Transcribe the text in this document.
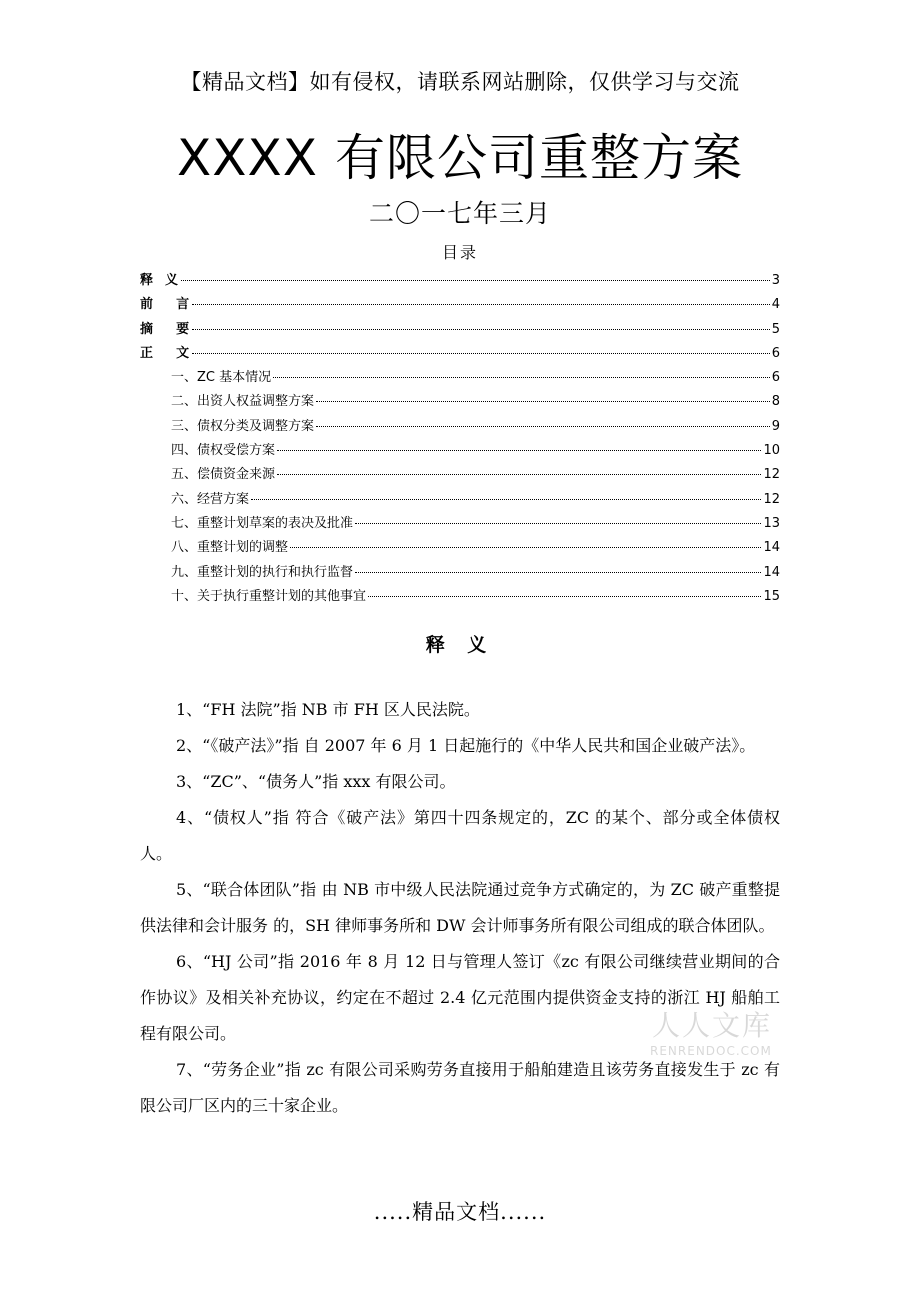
【精品文档】如有侵权，请联系网站删除，仅供学习与交流
XXXX 有限公司重整方案
二〇一七年三月
目录
释  义	3
前    言	4
摘    要	5
正    文	6
一、ZC 基本情况	6
二、出资人权益调整方案	8
三、债权分类及调整方案	9
四、债权受偿方案	10
五、偿债资金来源	12
六、经营方案	12
七、重整计划草案的表决及批准	13
八、重整计划的调整	14
九、重整计划的执行和执行监督	14
十、关于执行重整计划的其他事宜	15
释 义

1、“FH 法院”指 NB 市 FH 区人民法院。

2、“《破产法》”指 自 2007 年 6 月 1 日起施行的《中华人民共和国企业破产法》。

3、“ZC”、“债务人”指 xxx 有限公司。

4、“债权人”指 符合《破产法》第四十四条规定的，ZC 的某个、部分或全体债权人。

5、“联合体团队”指 由 NB 市中级人民法院通过竞争方式确定的，为 ZC 破产重整提供法律和会计服务 的，SH 律师事务所和 DW 会计师事务所有限公司组成的联合体团队。

6、“HJ 公司”指 2016 年 8 月 12 日与管理人签订《zc 有限公司继续营业期间的合作协议》及相关补充协议，约定在不超过 2.4 亿元范围内提供资金支持的浙江 HJ 船舶工程有限公司。

7、“劳务企业”指 zc 有限公司采购劳务直接用于船舶建造且该劳务直接发生于 zc 有限公司厂区内的三十家企业。

人人文库
RENRENDOC.COM
.....精品文档......
